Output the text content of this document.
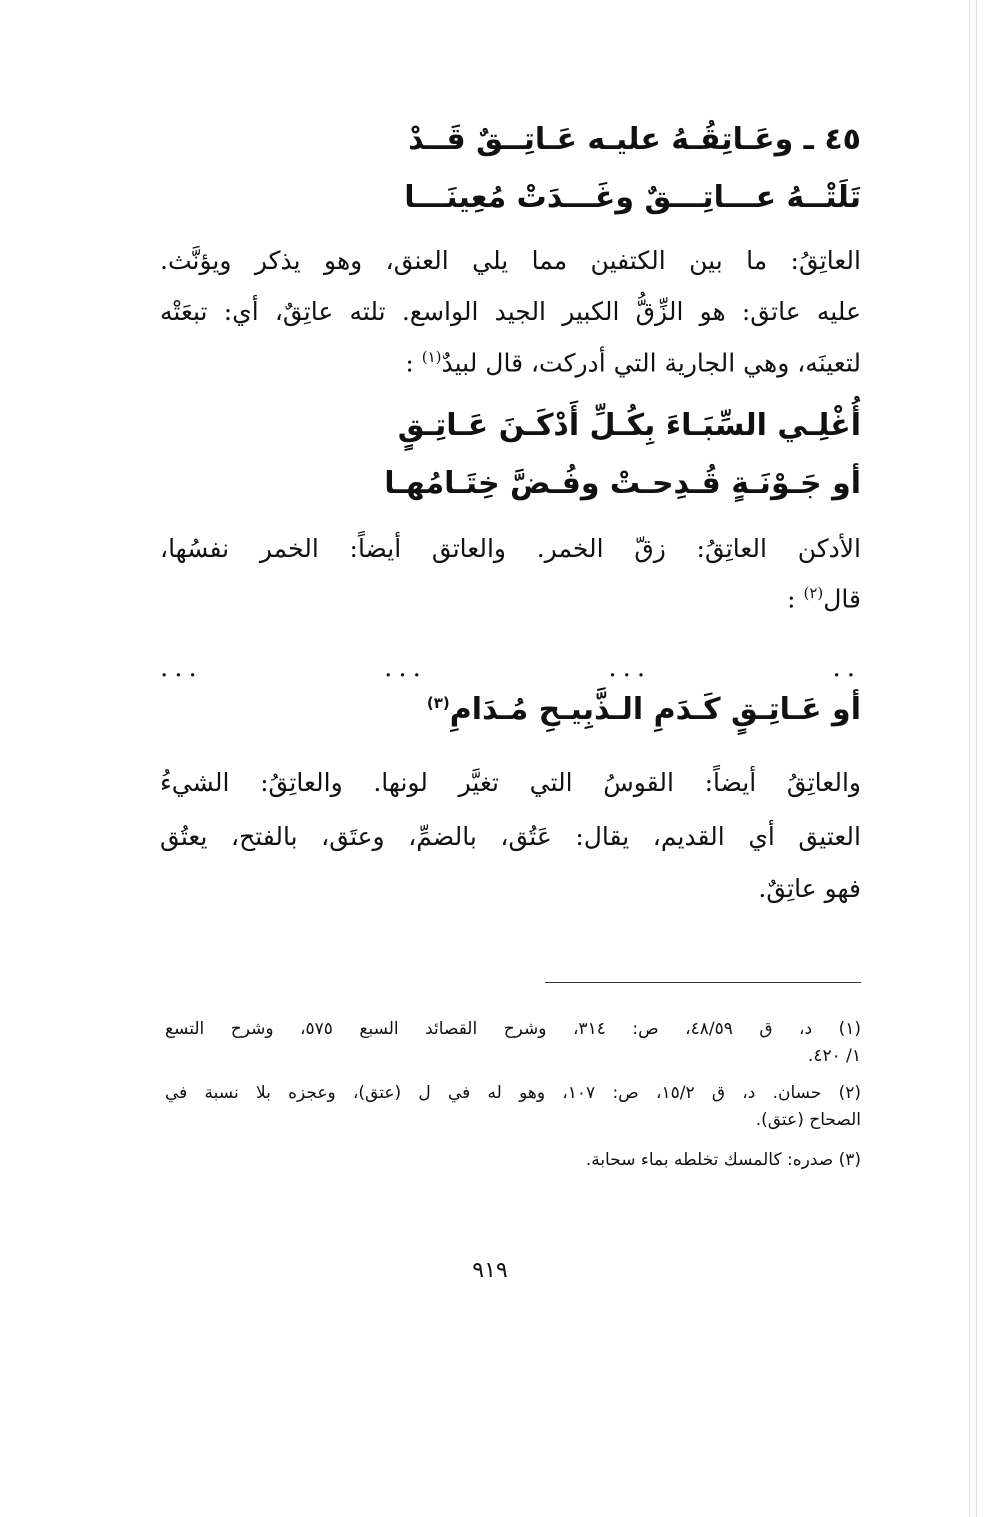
٤٥ ـ وعَـاتِقُـهُ عليـه عَـاتِــقٌ قَــدْ
تَلَتْــهُ عـــاتِـــقٌ وغَـــدَتْ مُعِينَـــا
العاتِقُ: ما بين الكتفين مما يلي العنق، وهو يذكر ويؤنَّث.
عليه عاتق: هو الزِّقُّ الكبير الجيد الواسع. تلته عاتِقٌ، أي: تبعَتْه
لتعينَه، وهي الجارية التي أدركت، قال لبيدٌ$^{(١)}$ :
أُغْلِـي السِّبَـاءَ بِكُـلِّ أَدْكَـنَ عَـاتِـقٍ
أو جَـوْنَـةٍ قُـدِحـتْ وفُـضَّ خِتَـامُهـا
الأدكن العاتِقُ: زقّ الخمر. والعاتق أيضاً: الخمر نفسُها،
قال$^{(٢)}$ :
...	...	...	..
أو عَـاتِـقٍ كَـدَمِ الـذَّبِيـحِ مُـدَامِ$^{(٣)}$
والعاتِقُ أيضاً: القوسُ التي تغيَّر لونها. والعاتِقُ: الشيءُ
العتيق أي القديم، يقال: عَتُق، بالضمِّ، وعتَق، بالفتح، يعتُق
فهو عاتِقٌ.
(١) د، ق ٤٨/٥٩، ص: ٣١٤، وشرح القصائد السبع ٥٧٥، وشرح التسع
١/ ٤٢٠.
(٢) حسان. د، ق ١٥/٢، ص: ١٠٧، وهو له في ل (عتق)، وعجزه بلا نسبة في
الصحاح (عتق).
(٣) صدره: كالمسك تخلطه بماء سحابة.
٩١٩
